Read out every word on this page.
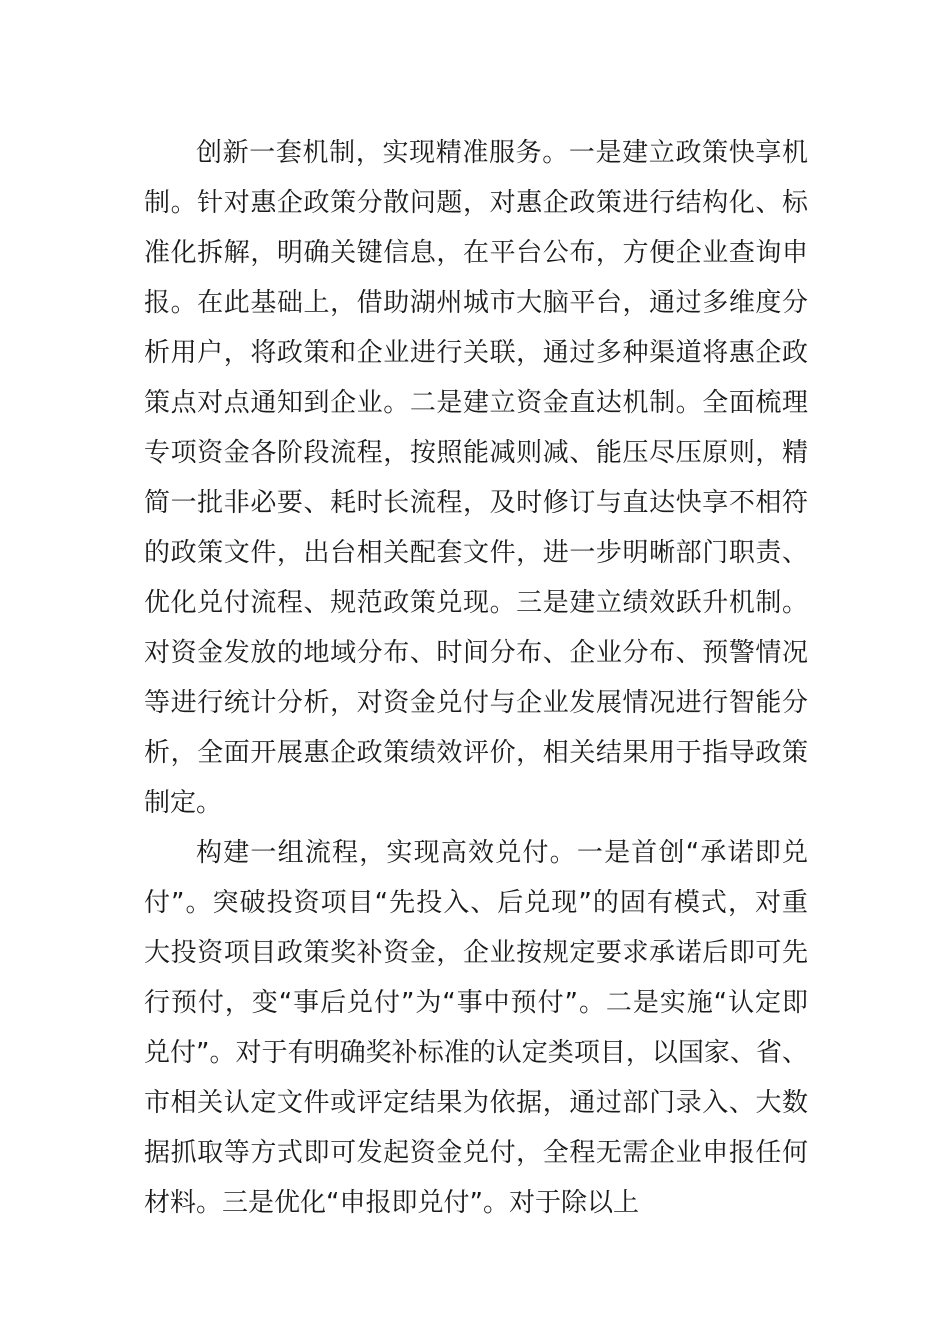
创新一套机制，实现精准服务。一是建立政策快享机制。针对惠企政策分散问题，对惠企政策进行结构化、标准化拆解，明确关键信息，在平台公布，方便企业查询申报。在此基础上，借助湖州城市大脑平台，通过多维度分析用户，将政策和企业进行关联，通过多种渠道将惠企政策点对点通知到企业。二是建立资金直达机制。全面梳理专项资金各阶段流程，按照能减则减、能压尽压原则，精简一批非必要、耗时长流程，及时修订与直达快享不相符的政策文件，出台相关配套文件，进一步明晰部门职责、优化兑付流程、规范政策兑现。三是建立绩效跃升机制。对资金发放的地域分布、时间分布、企业分布、预警情况等进行统计分析，对资金兑付与企业发展情况进行智能分析，全面开展惠企政策绩效评价，相关结果用于指导政策制定。

构建一组流程，实现高效兑付。一是首创“承诺即兑付”。突破投资项目“先投入、后兑现”的固有模式，对重大投资项目政策奖补资金，企业按规定要求承诺后即可先行预付，变“事后兑付”为“事中预付”。二是实施“认定即兑付”。对于有明确奖补标准的认定类项目，以国家、省、市相关认定文件或评定结果为依据，通过部门录入、大数据抓取等方式即可发起资金兑付，全程无需企业申报任何材料。三是优化“申报即兑付”。对于除以上
